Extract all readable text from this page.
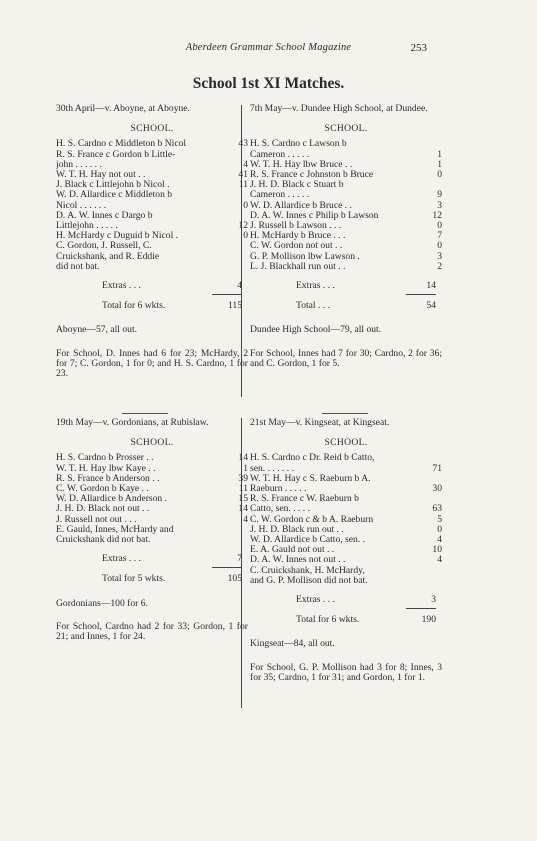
Aberdeen Grammar School Magazine	253
School 1st XI Matches.
30th April—v. Aboyne, at Aboyne.
SCHOOL.
H. S. Cardno c Middleton b Nicol	43
R. S. France c Gordon b Little-
john . . . . . .	4
W. T. H. Hay not out . .	41
J. Black c Littlejohn b Nicol .	11
W. D. Allardice c Middleton b
Nicol . . . . . .	0
D. A. W. Innes c Dargo b
Littlejohn . . . . .	12
H. McHardy c Duguid b Nicol .	0
C. Gordon, J. Russell, C.
Cruickshank, and R. Eddie
did not bat.
Extras . . .	4
Total for 6 wkts.	115
Aboyne—57, all out.
For School, D. Innes had 6 for 23; McHardy, 2 for 7; C. Gordon, 1 for 0; and H. S. Cardno, 1 for 23.
7th May—v. Dundee High School, at Dundee.
SCHOOL.
H. S. Cardno c Lawson b
Cameron . . . . .	1
W. T. H. Hay lbw Bruce . .	1
R. S. France c Johnston b Bruce	0
J. H. D. Black c Stuart b
Cameron . . . . .	9
W. D. Allardice b Bruce . .	3
D. A. W. Innes c Philip b Lawson	12
J. Russell b Lawson . . .	0
H. McHardy b Bruce . . .	7
C. W. Gordon not out . .	0
G. P. Mollison lbw Lawson .	3
L. J. Blackhall run out . .	2
Extras . . .	14
Total . . .	54
Dundee High School—79, all out.
For School, Innes had 7 for 30; Cardno, 2 for 36; and C. Gordon, 1 for 5.
19th May—v. Gordonians, at Rubislaw.
SCHOOL.
H. S. Cardno b Prosser . .	14
W. T. H. Hay lbw Kaye . .	1
R. S. France b Anderson . .	39
C. W. Gordon b Kaye . .	11
W. D. Allardice b Anderson .	15
J. H. D. Black not out . .	14
J. Russell not out . . .	4
E. Gauld, Innes, McHardy and
Cruickshank did not bat.
Extras . . .	7
Total for 5 wkts.	105
Gordonians—100 for 6.
For School, Cardno had 2 for 33; Gordon, 1 for 21; and Innes, 1 for 24.
21st May—v. Kingseat, at Kingseat.
SCHOOL.
H. S. Cardno c Dr. Reid b Catto,
sen. . . . . . .	71
W. T. H. Hay c S. Raeburn b A.
Raeburn . . . . .	30
R. S. France c W. Raeburn b
Catto, sen. . . . .	63
C. W. Gordon c & b A. Raeburn	5
J. H. D. Black run out . .	0
W. D. Allardice b Catto, sen. .	4
E. A. Gauld not out . .	10
D. A. W. Innes not out . .	4
C. Cruickshank, H. McHardy,
and G. P. Mollison did not bat.
Extras . . .	3
Total for 6 wkts.	190
Kingseat—84, all out.
For School, G. P. Mollison had 3 for 8; Innes, 3 for 35; Cardno, 1 for 31; and Gordon, 1 for 1.
